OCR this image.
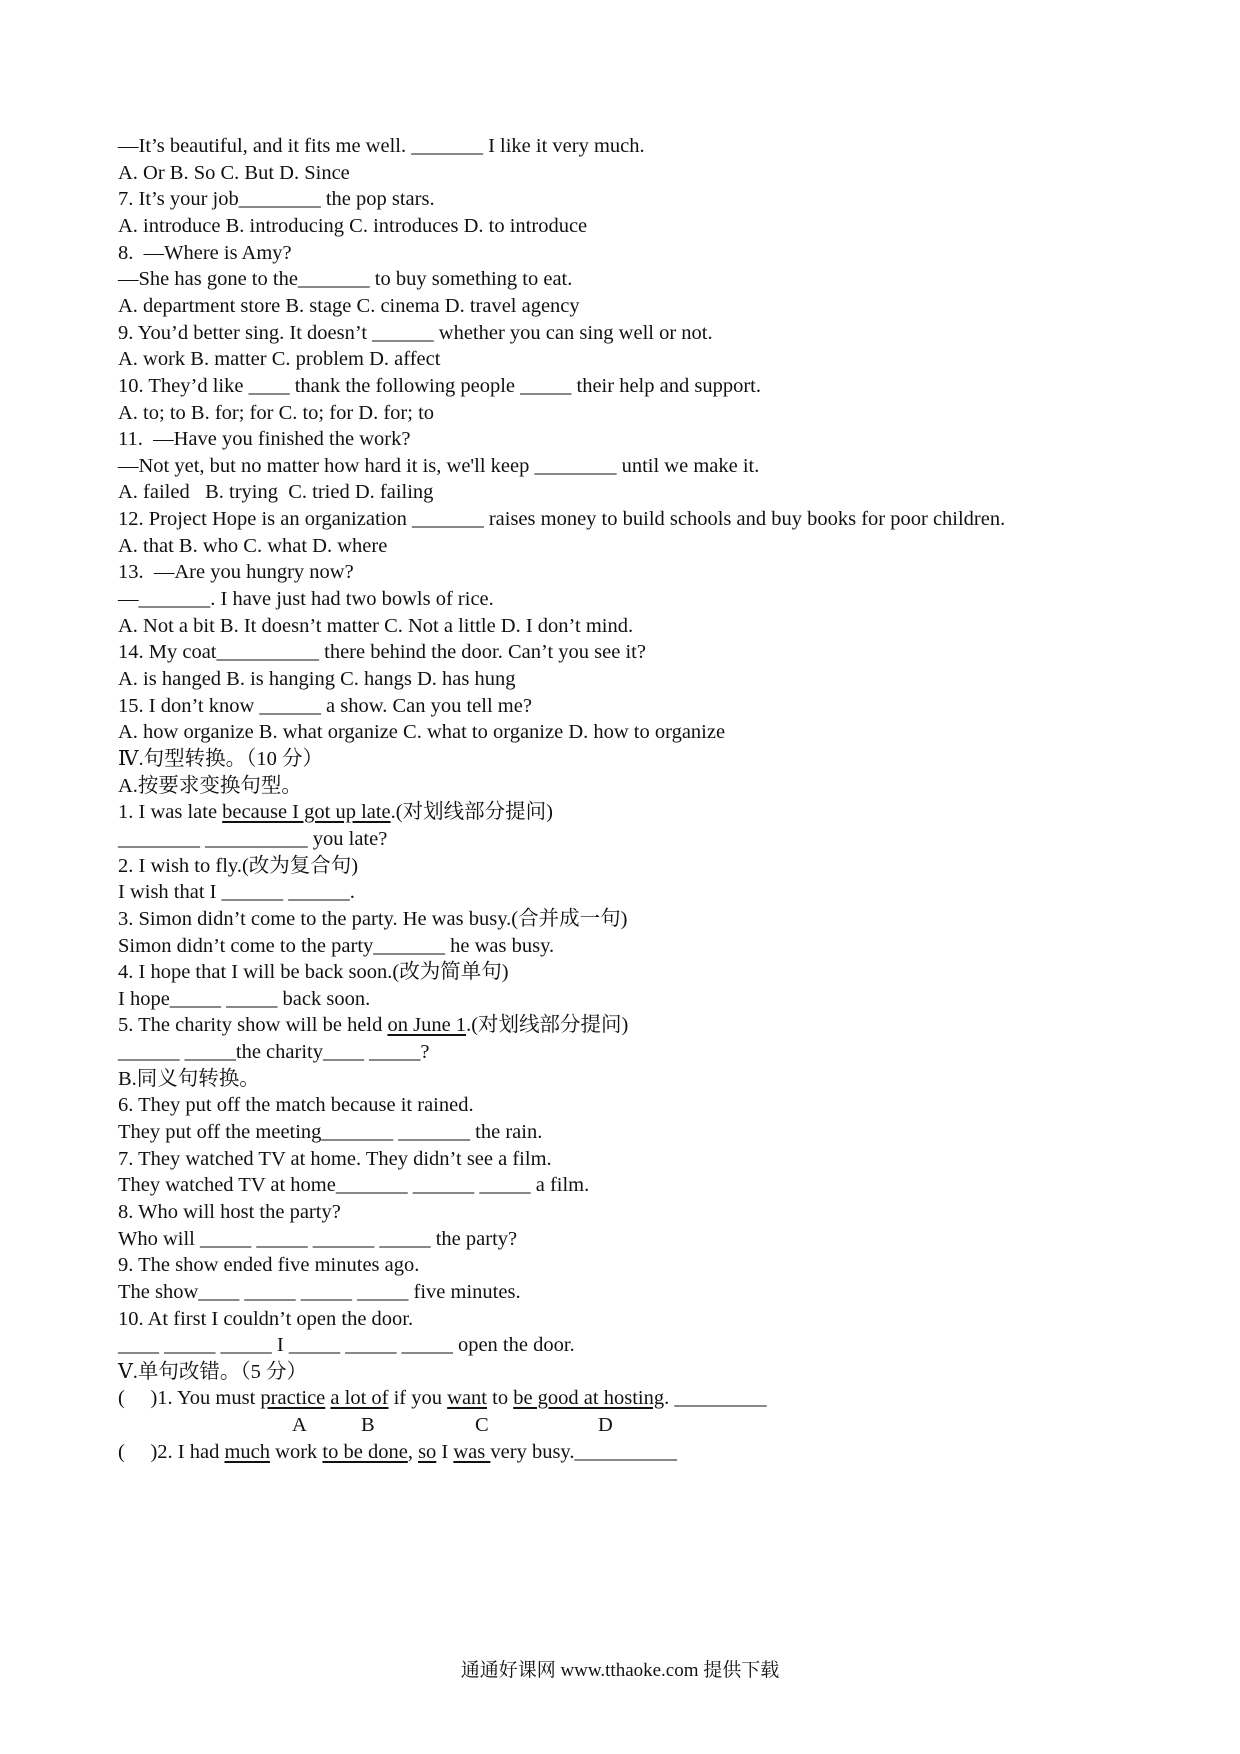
—It’s beautiful, and it fits me well. _______ I like it very much.
A. Or B. So C. But D. Since
7. It’s your job________ the pop stars.
A. introduce B. introducing C. introduces D. to introduce
8.  —Where is Amy?
—She has gone to the_______ to buy something to eat.
A. department store B. stage C. cinema D. travel agency
9. You’d better sing. It doesn’t ______ whether you can sing well or not.
A. work B. matter C. problem D. affect
10. They’d like ____ thank the following people _____ their help and support.
A. to; to B. for; for C. to; for D. for; to
11.  —Have you finished the work?
—Not yet, but no matter how hard it is, we'll keep ________ until we make it.
A. failed   B. trying  C. tried D. failing
12. Project Hope is an organization _______ raises money to build schools and buy books for poor children.
A. that B. who C. what D. where
13.  —Are you hungry now?
—_______. I have just had two bowls of rice.
A. Not a bit B. It doesn’t matter C. Not a little D. I don’t mind.
14. My coat__________ there behind the door. Can’t you see it?
A. is hanged B. is hanging C. hangs D. has hung
15. I don’t know ______ a show. Can you tell me?
A. how organize B. what organize C. what to organize D. how to organize
Ⅳ.句型转换。（10 分）
A.按要求变换句型。
1. I was late because I got up late.(对划线部分提问)
________ __________ you late?
2. I wish to fly.(改为复合句)
I wish that I ______ ______.
3. Simon didn’t come to the party. He was busy.(合并成一句)
Simon didn’t come to the party_______ he was busy.
4. I hope that I will be back soon.(改为简单句)
I hope_____ _____ back soon.
5. The charity show will be held on June 1.(对划线部分提问)
______ _____the charity____ _____?
B.同义句转换。
6. They put off the match because it rained.
They put off the meeting_______ _______ the rain.
7. They watched TV at home. They didn’t see a film.
They watched TV at home_______ ______ _____ a film.
8. Who will host the party?
Who will _____ _____ ______ _____ the party?
9. The show ended five minutes ago.
The show____ _____ _____ _____ five minutes.
10. At first I couldn’t open the door.
____ _____ _____ I _____ _____ _____ open the door.
Ⅴ.单句改错。（5 分）
(     )1. You must practice a lot of if you want to be good at hosting. _________
A	B	C	D
(     )2. I had much work to be done, so I was very busy.__________
通通好课网 www.tthaoke.com 提供下载
